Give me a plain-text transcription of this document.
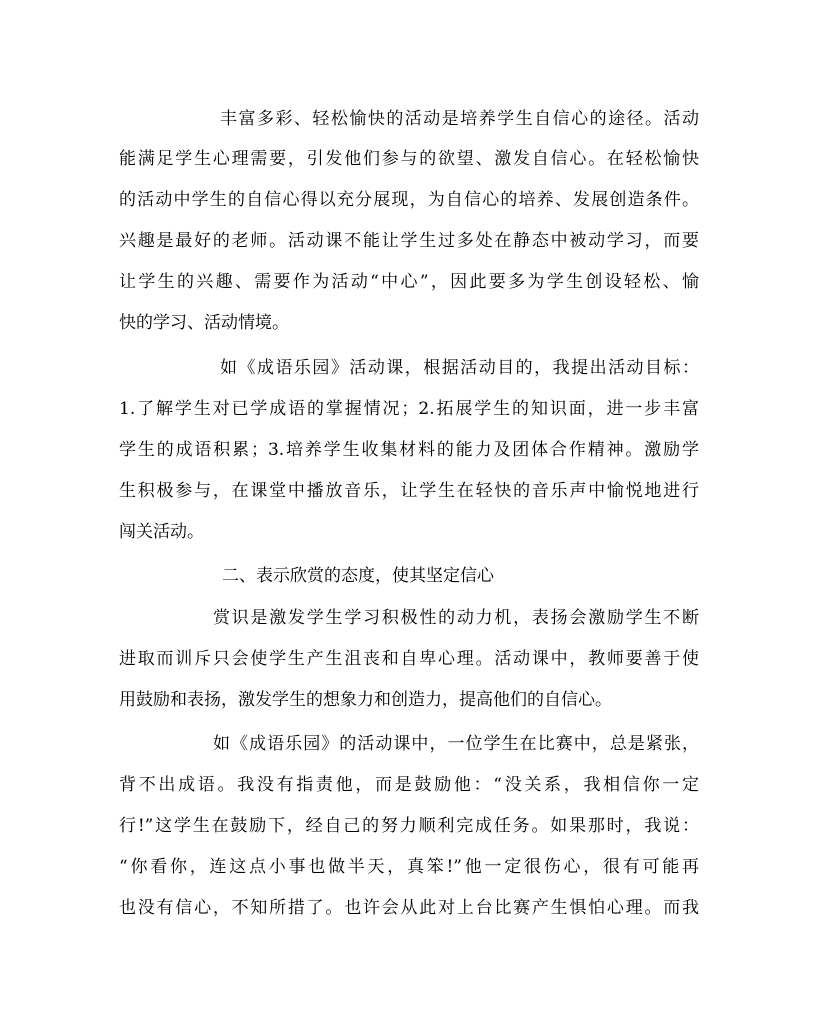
丰富多彩、轻松愉快的活动是培养学生自信心的途径。活动
能满足学生心理需要，引发他们参与的欲望、激发自信心。在轻松愉快
的活动中学生的自信心得以充分展现，为自信心的培养、发展创造条件。
兴趣是最好的老师。活动课不能让学生过多处在静态中被动学习，而要
让学生的兴趣、需要作为活动“中心”，因此要多为学生创设轻松、愉
快的学习、活动情境。
如《成语乐园》活动课，根据活动目的，我提出活动目标：
1.了解学生对已学成语的掌握情况；2.拓展学生的知识面，进一步丰富
学生的成语积累；3.培养学生收集材料的能力及团体合作精神。激励学
生积极参与，在课堂中播放音乐，让学生在轻快的音乐声中愉悦地进行
闯关活动。
二、表示欣赏的态度，使其坚定信心
赏识是激发学生学习积极性的动力机，表扬会激励学生不断
进取而训斥只会使学生产生沮丧和自卑心理。活动课中，教师要善于使
用鼓励和表扬，激发学生的想象力和创造力，提高他们的自信心。
如《成语乐园》的活动课中，一位学生在比赛中，总是紧张，
背不出成语。我没有指责他，而是鼓励他：“没关系，我相信你一定
行!”这学生在鼓励下，经自己的努力顺利完成任务。如果那时，我说：
“你看你，连这点小事也做半天，真笨!”他一定很伤心，很有可能再
也没有信心，不知所措了。也许会从此对上台比赛产生惧怕心理。而我
